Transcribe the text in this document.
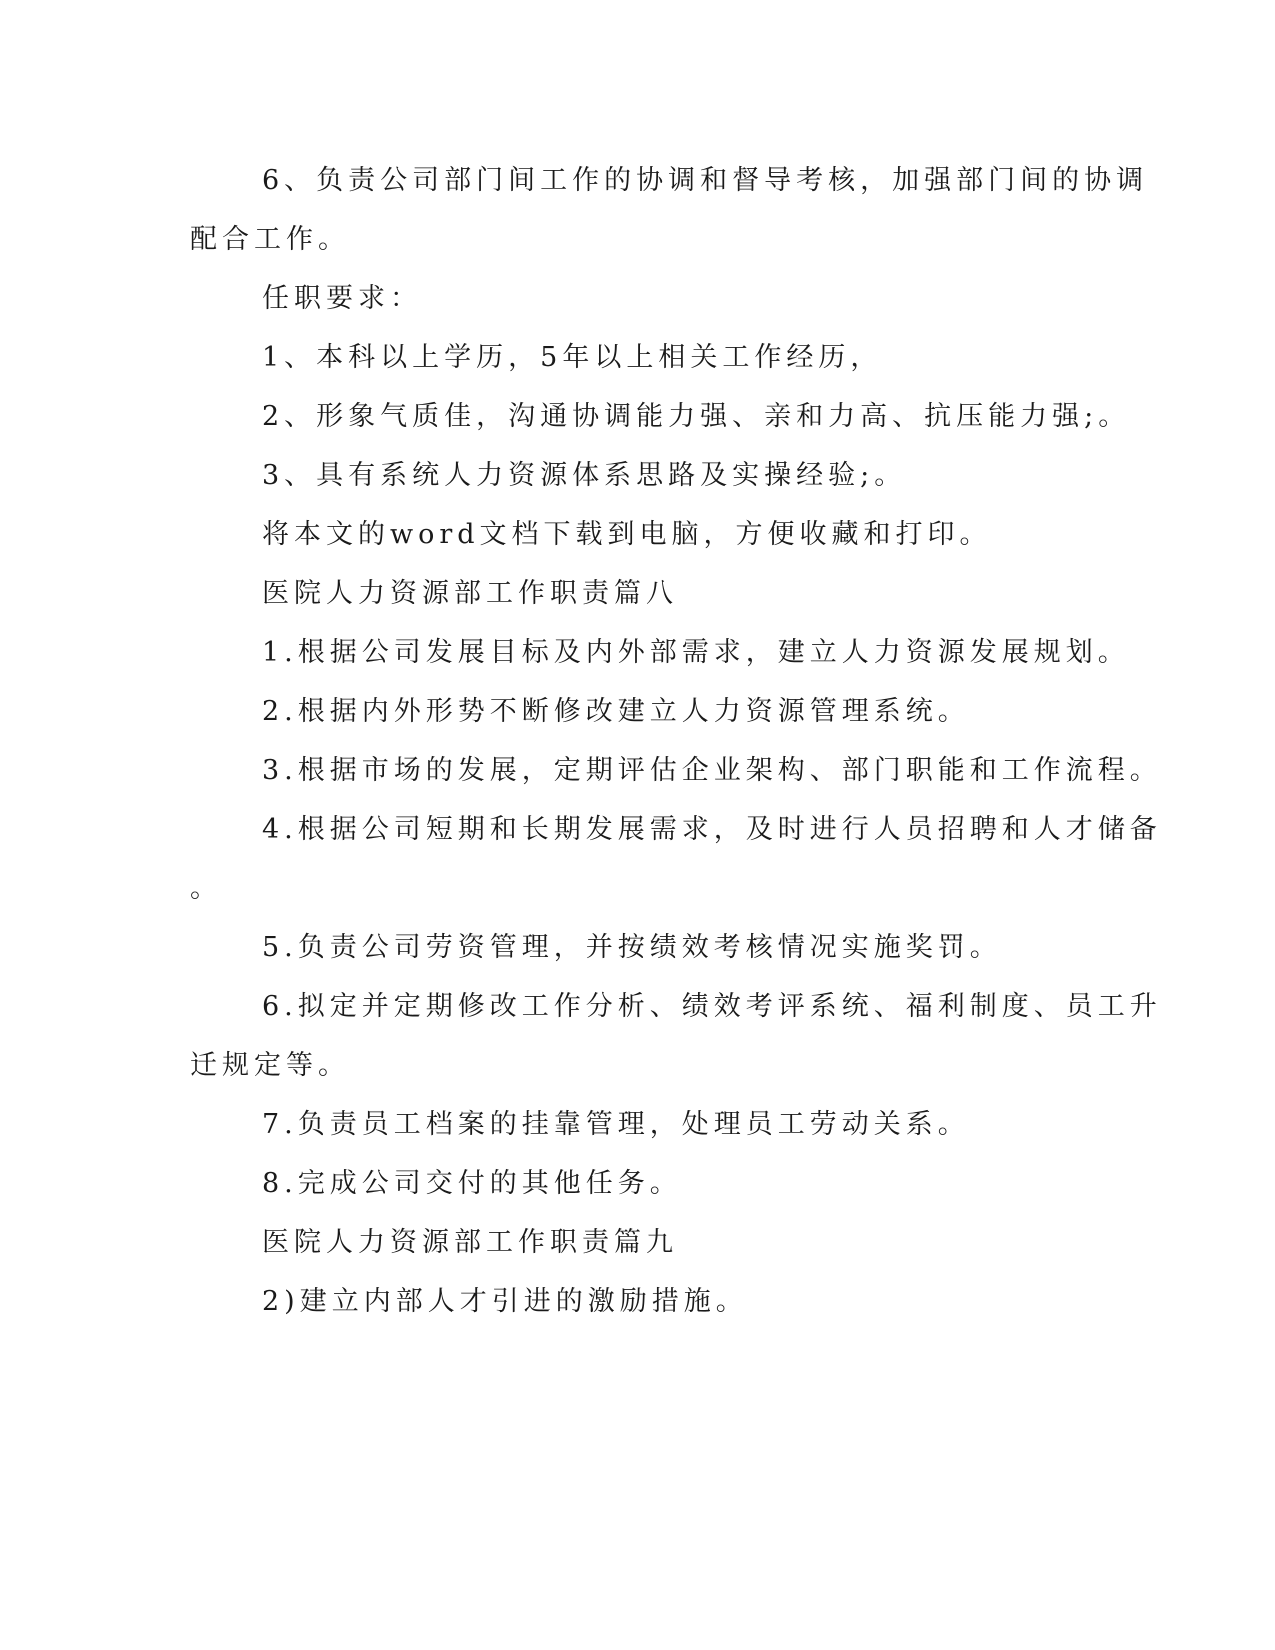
6、负责公司部门间工作的协调和督导考核，加强部门间的协调
配合工作。
任职要求：
1、本科以上学历，5年以上相关工作经历，
2、形象气质佳，沟通协调能力强、亲和力高、抗压能力强;。
3、具有系统人力资源体系思路及实操经验;。
将本文的word文档下载到电脑，方便收藏和打印。
医院人力资源部工作职责篇八
1.根据公司发展目标及内外部需求，建立人力资源发展规划。
2.根据内外形势不断修改建立人力资源管理系统。
3.根据市场的发展，定期评估企业架构、部门职能和工作流程。
4.根据公司短期和长期发展需求，及时进行人员招聘和人才储备
。
5.负责公司劳资管理，并按绩效考核情况实施奖罚。
6.拟定并定期修改工作分析、绩效考评系统、福利制度、员工升
迁规定等。
7.负责员工档案的挂靠管理，处理员工劳动关系。
8.完成公司交付的其他任务。
医院人力资源部工作职责篇九
2)建立内部人才引进的激励措施。
